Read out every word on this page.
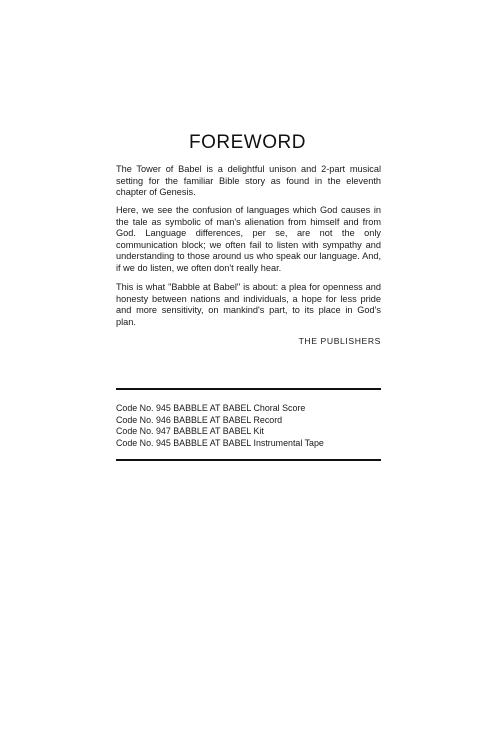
FOREWORD
The Tower of Babel is a delightful unison and 2-part musical setting for the familiar Bible story as found in the eleventh chapter of Genesis.
Here, we see the confusion of languages which God causes in the tale as symbolic of man's alienation from himself and from God. Language differences, per se, are not the only communication block; we often fail to listen with sympathy and understanding to those around us who speak our language. And, if we do listen, we often don't really hear.
This is what "Babble at Babel" is about: a plea for openness and honesty between nations and individuals, a hope for less pride and more sensitivity, on mankind's part, to its place in God's plan.
THE PUBLISHERS
Code No. 945 BABBLE AT BABEL Choral Score
Code No. 946 BABBLE AT BABEL Record
Code No. 947 BABBLE AT BABEL Kit
Code No. 945 BABBLE AT BABEL Instrumental Tape
